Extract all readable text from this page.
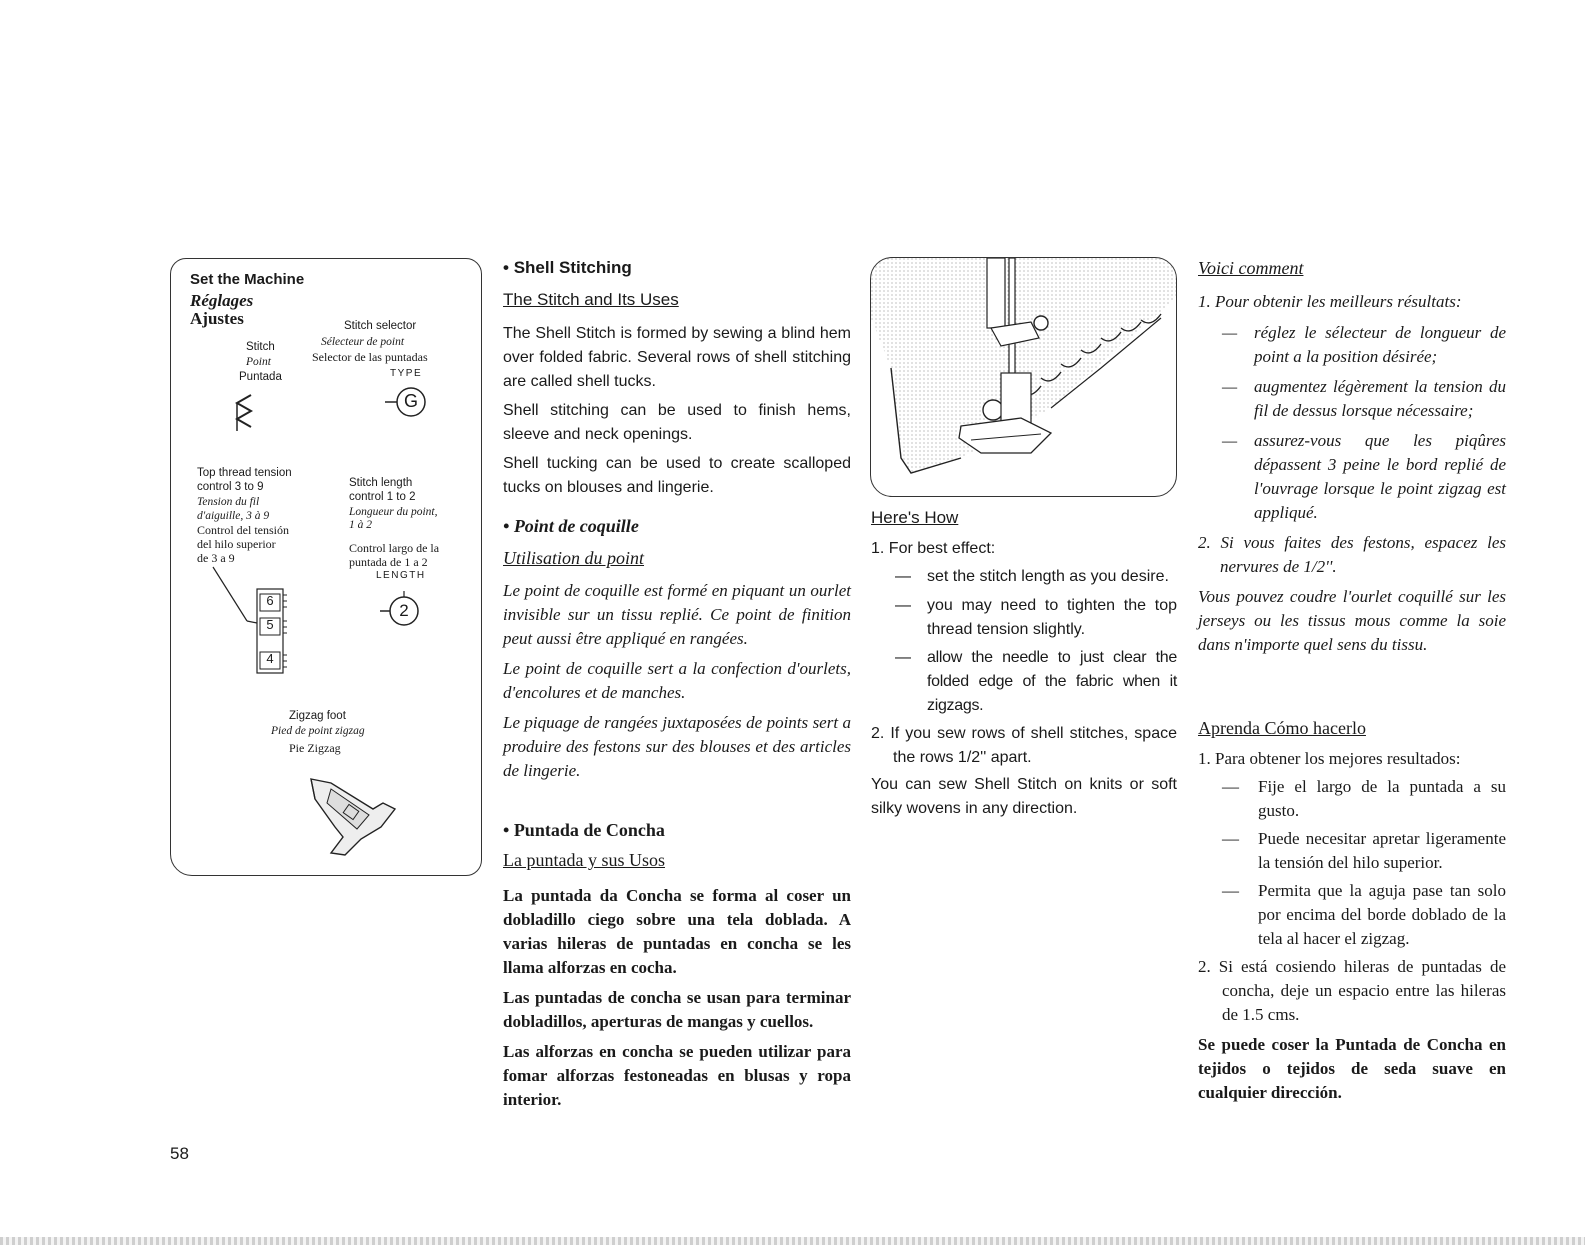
Set the Machine
Réglages
Ajustes
Stitch
Point
Puntada
Stitch selector
Sélecteur de point
Selector de las puntadas
TYPE
G
Top thread tension
control 3 to 9
Tension du fil
d'aiguille, 3 à 9
Control del tensión
del hilo superior
de 3 a 9
6
5
4
Stitch length
control 1 to 2
Longueur du point,
1 à 2
Control largo de la
puntada de 1 a 2
LENGTH
2
Zigzag foot
Pied de point zigzag
Pie Zigzag
• Shell Stitching
The Stitch and Its Uses

The Shell Stitch is formed by sewing a blind hem over folded fabric. Several rows of shell stitching are called shell tucks.

Shell stitching can be used to finish hems, sleeve and neck openings.

Shell tucking can be used to create scalloped tucks on blouses and lingerie.

• Point de coquille
Utilisation du point

Le point de coquille est formé en piquant un ourlet invisible sur un tissu replié. Ce point de finition peut aussi être appliqué en rangées.

Le point de coquille sert a la confection d'ourlets, d'encolures et de manches.

Le piquage de rangées juxtaposées de points sert a produire des festons sur des blouses et des articles de lingerie.

• Puntada de Concha
La puntada y sus Usos

La puntada da Concha se forma al coser un dobladillo ciego sobre una tela doblada. A varias hileras de puntadas en concha se les llama alforzas en cocha.

Las puntadas de concha se usan para terminar dobladillos, aperturas de mangas y cuellos.

Las alforzas en concha se pueden utilizar para fomar alforzas festoneadas en blusas y ropa interior.

Here's How
1. For best effect:
— set the stitch length as you desire.
— you may need to tighten the top thread tension slightly.
— allow the needle to just clear the folded edge of the fabric when it zigzags.
2. If you sew rows of shell stitches, space the rows 1/2'' apart.

You can sew Shell Stitch on knits or soft silky wovens in any direction.

Voici comment
1. Pour obtenir les meilleurs résultats:
— réglez le sélecteur de longueur de point a la position désirée;
— augmentez légèrement la tension du fil de dessus lorsque nécessaire;
— assurez-vous que les piqûres dépassent 3 peine le bord replié de l'ouvrage lorsque le point zigzag est appliqué.
2. Si vous faites des festons, espacez les nervures de 1/2''.

Vous pouvez coudre l'ourlet coquillé sur les jerseys ou les tissus mous comme la soie dans n'importe quel sens du tissu.

Aprenda Cómo hacerlo
1. Para obtener los mejores resultados:
— Fije el largo de la puntada a su gusto.
— Puede necesitar apretar ligeramente la tensión del hilo superior.
— Permita que la aguja pase tan solo por encima del borde doblado de la tela al hacer el zigzag.
2. Si está cosiendo hileras de puntadas de concha, deje un espacio entre las hileras de 1.5 cms.

Se puede coser la Puntada de Concha en tejidos o tejidos de seda suave en cualquier dirección.

58
